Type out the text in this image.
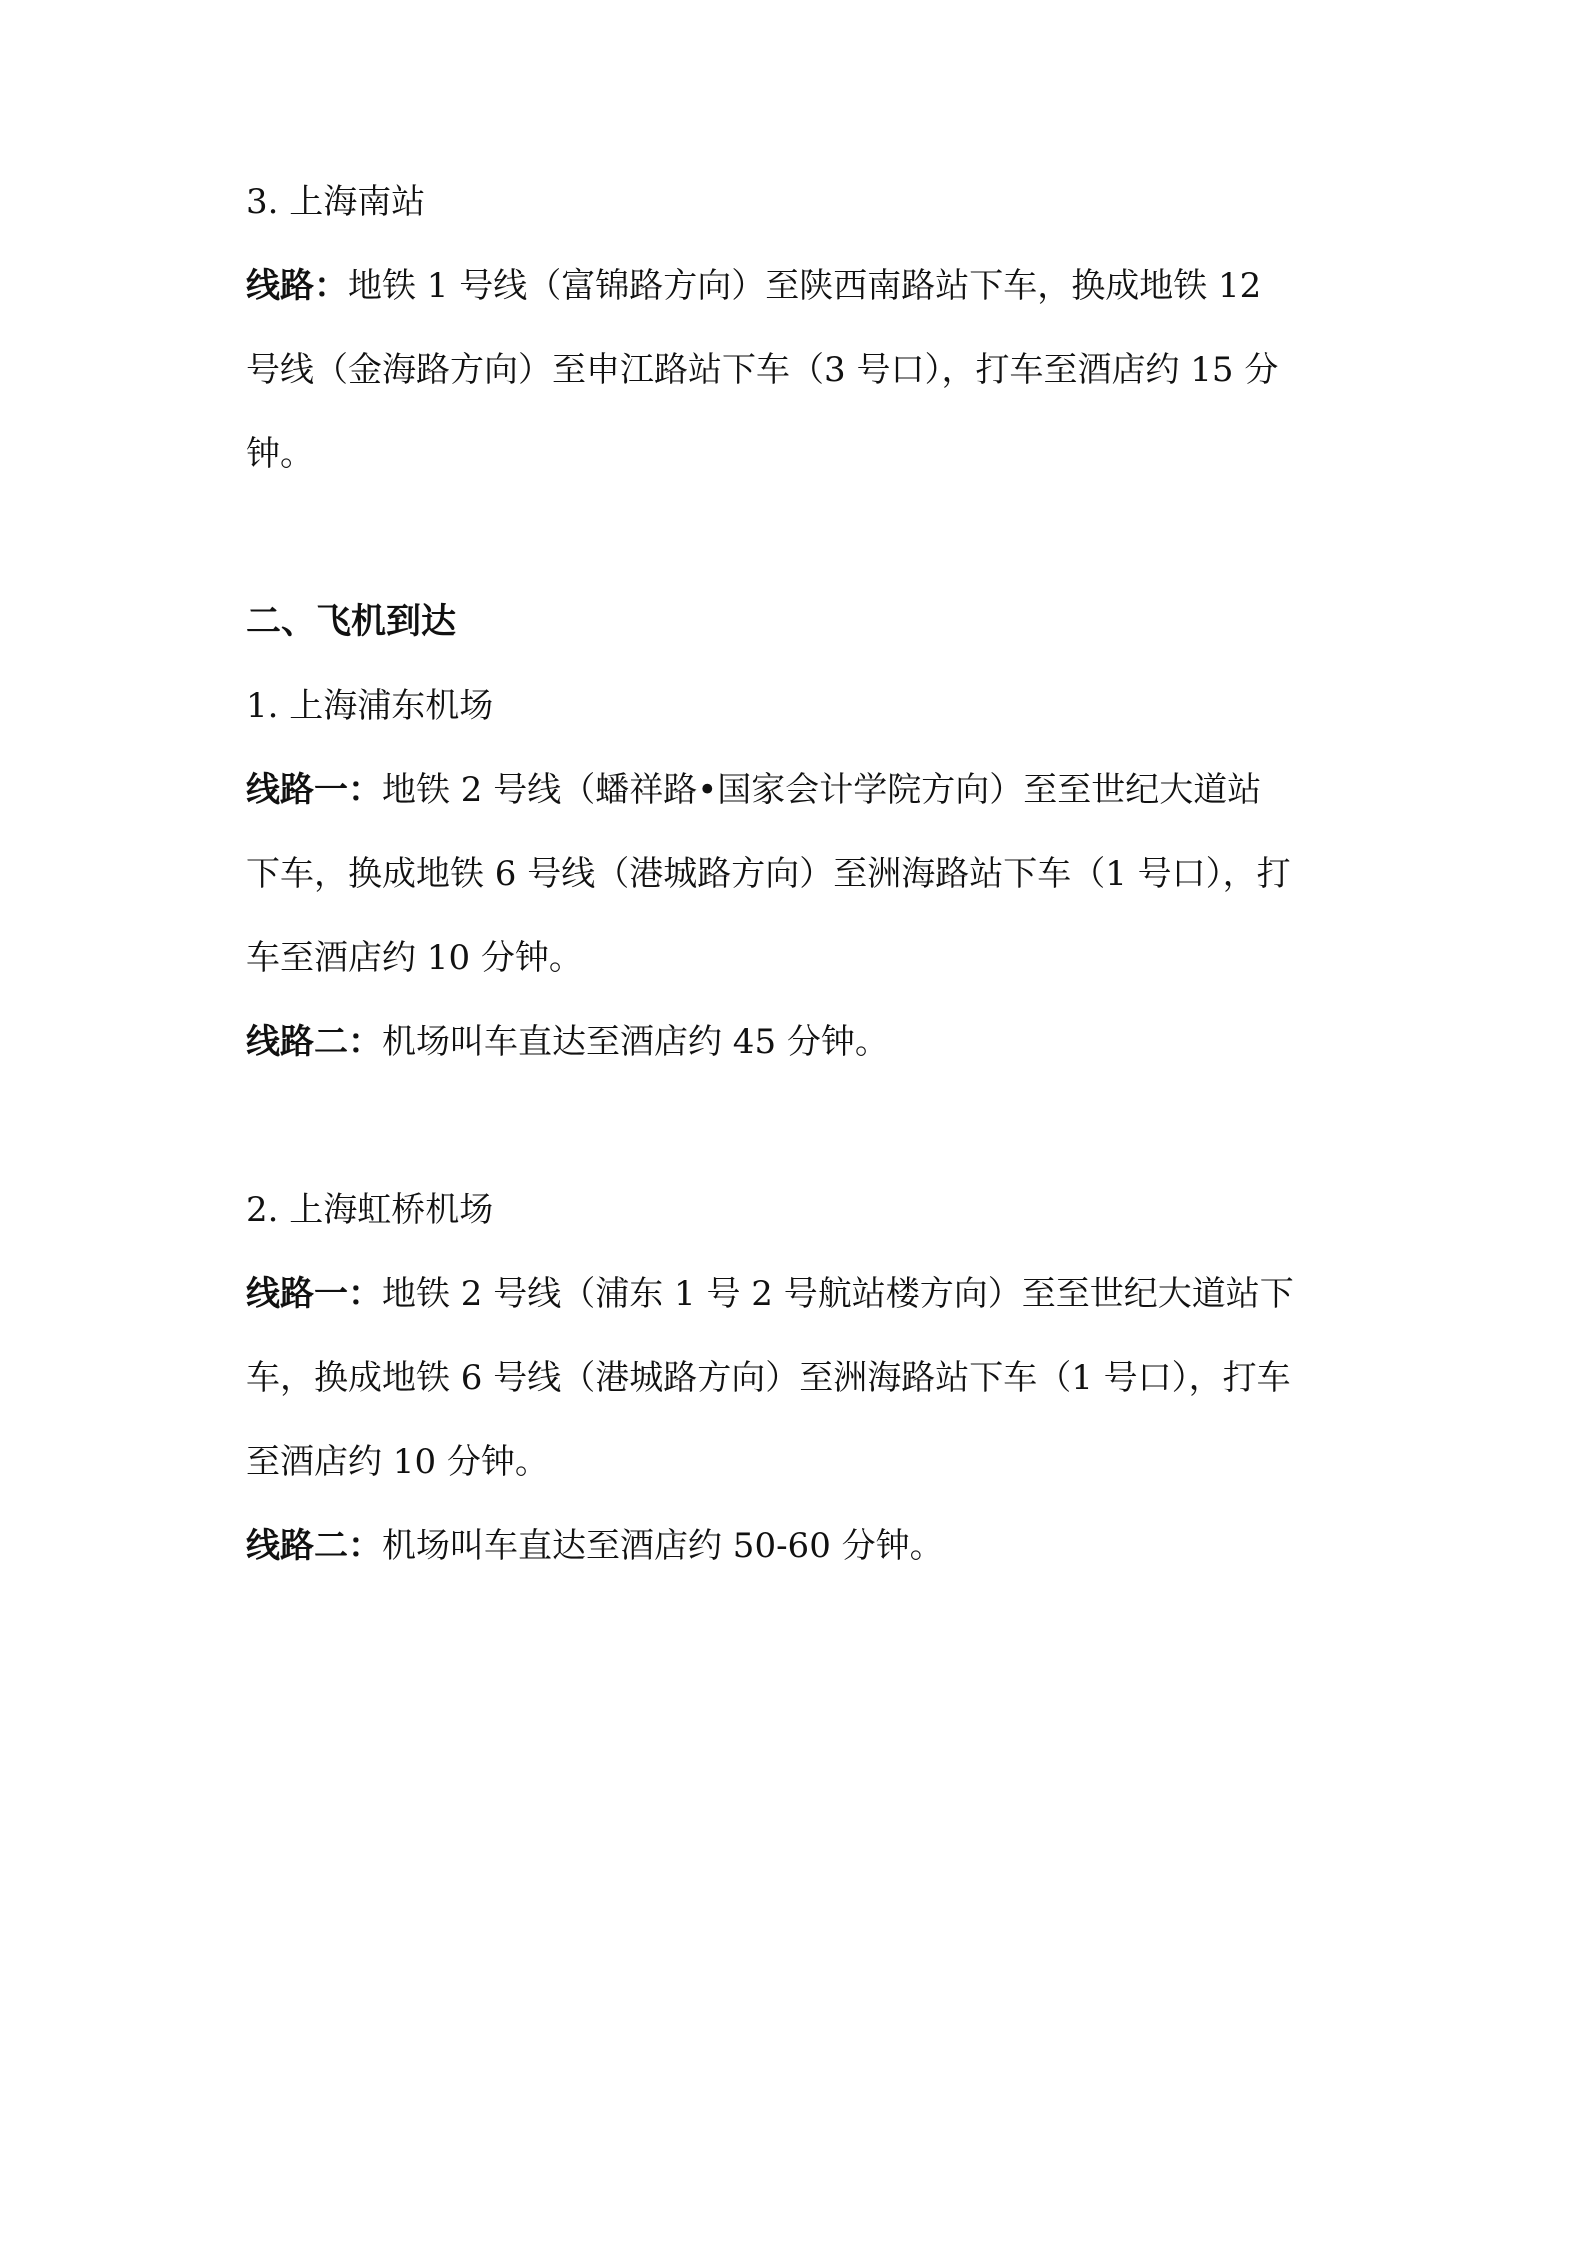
3. 上海南站

线路：地铁 1 号线（富锦路方向）至陕西南路站下车，换成地铁 12

号线（金海路方向）至申江路站下车（3 号口），打车至酒店约 15 分

钟。

二、飞机到达

1. 上海浦东机场

线路一：地铁 2 号线（蟠祥路•国家会计学院方向）至至世纪大道站

下车，换成地铁 6 号线（港城路方向）至洲海路站下车（1 号口），打

车至酒店约 10 分钟。

线路二：机场叫车直达至酒店约 45 分钟。

2. 上海虹桥机场

线路一：地铁 2 号线（浦东 1 号 2 号航站楼方向）至至世纪大道站下

车，换成地铁 6 号线（港城路方向）至洲海路站下车（1 号口），打车

至酒店约 10 分钟。

线路二：机场叫车直达至酒店约 50-60 分钟。
